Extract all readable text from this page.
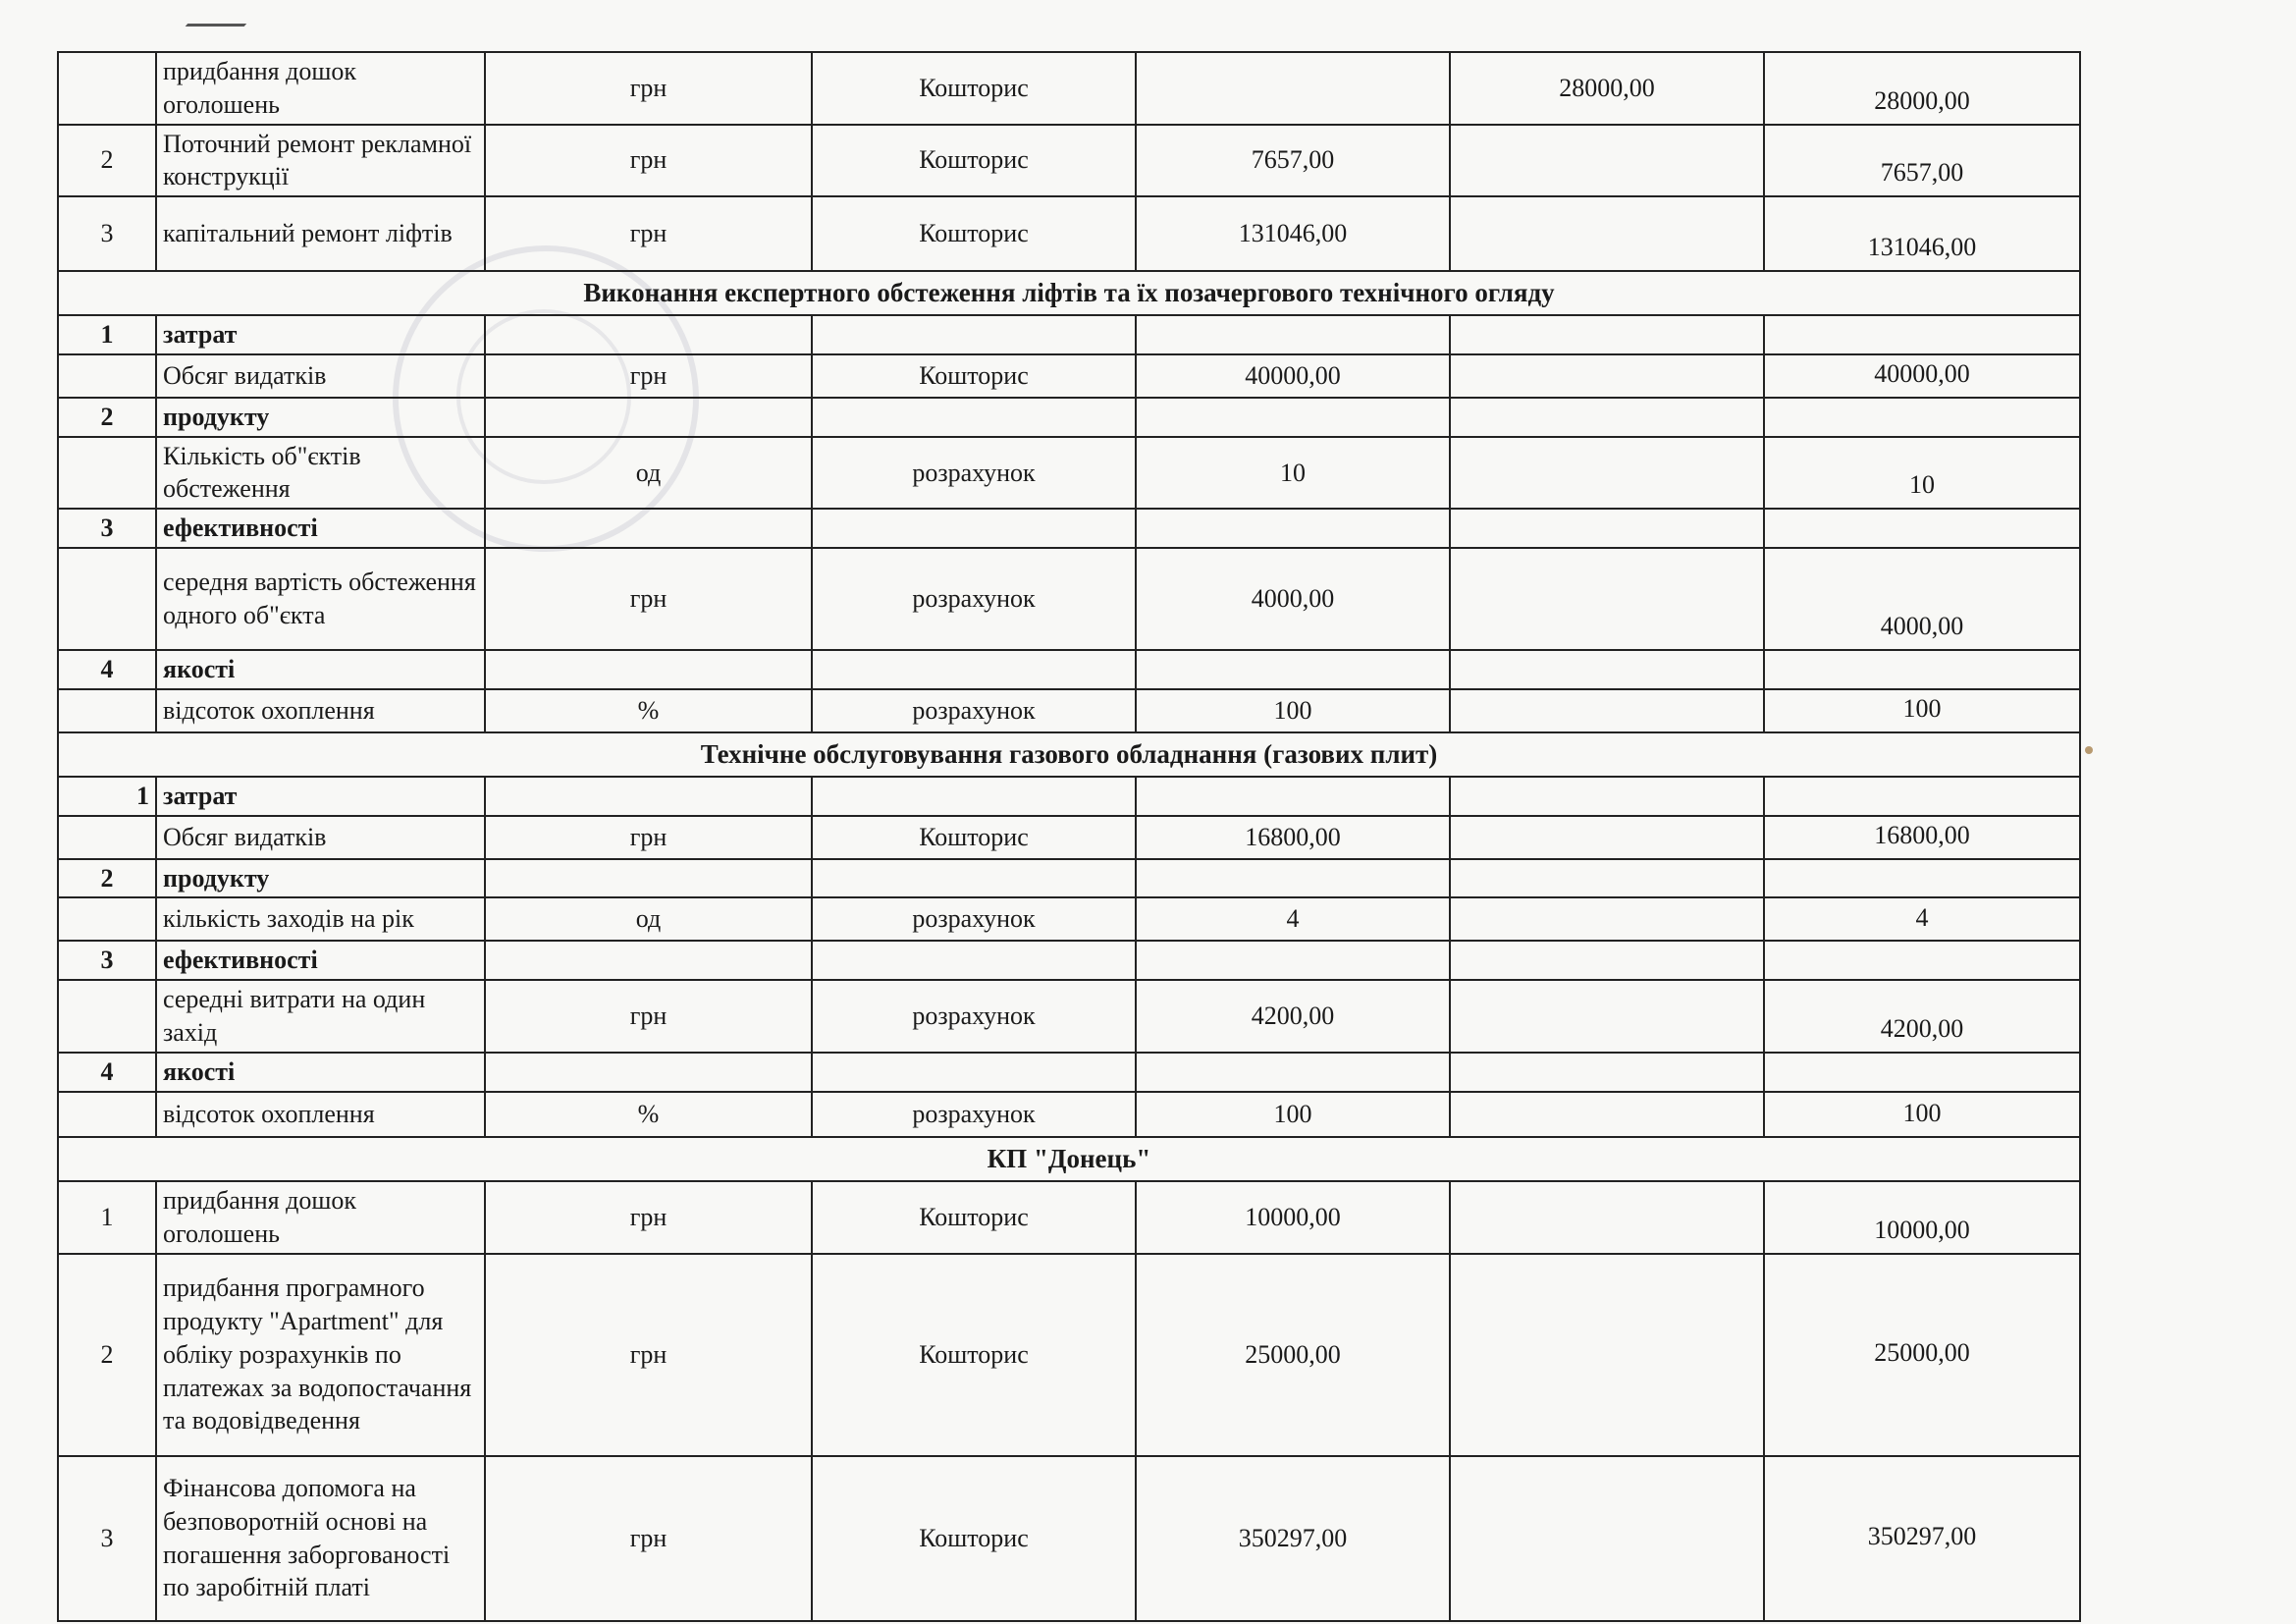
	придбання дошок оголошень	грн	Кошторис		28000,00	28000,00
2	Поточний ремонт рекламної конструкції	грн	Кошторис	7657,00		7657,00
3	капітальний ремонт ліфтів	грн	Кошторис	131046,00		131046,00
Виконання експертного обстеження ліфтів та їх позачергового технічного огляду						
1	затрат					
	Обсяг видатків	грн	Кошторис	40000,00		40000,00
2	продукту					
	Кількість об"єктів обстеження	од	розрахунок	10		10
3	ефективності					
	середня вартість обстеження одного об"єкта	грн	розрахунок	4000,00		4000,00
4	якості					
	відсоток охоплення	%	розрахунок	100		100
Технічне обслуговування газового обладнання (газових плит)						
1	затрат					
	Обсяг видатків	грн	Кошторис	16800,00		16800,00
2	продукту					
	кількість заходів на рік	од	розрахунок	4		4
3	ефективності					
	середні витрати на один захід	грн	розрахунок	4200,00		4200,00
4	якості					
	відсоток охоплення	%	розрахунок	100		100
КП "Донець"						
1	придбання дошок оголошень	грн	Кошторис	10000,00		10000,00
2	придбання програмного продукту "Apartment" для обліку розрахунків по платежах за водопостачання та водовідведення	грн	Кошторис	25000,00		25000,00
3	Фінансова допомога на безповоротній основі на погашення заборгованості по заробітній платі	грн	Кошторис	350297,00		350297,00
